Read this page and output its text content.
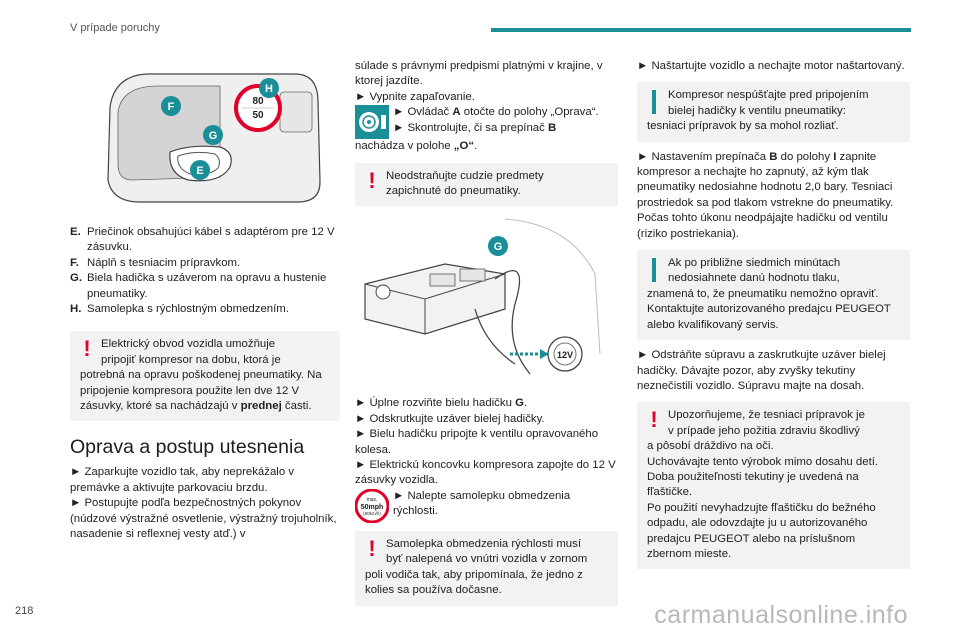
V prípade poruchy
80
50
H
F
G
E
E. Priečinok obsahujúci kábel s adaptérom pre 12 V zásuvku.
F. Náplň s tesniacim prípravkom.
G. Biela hadička s uzáverom na opravu a hustenie pneumatiky.
H. Samolepka s rýchlostným obmedzením.
! Elektrický obvod vozidla umožňuje

pripojiť kompresor na dobu, ktorá je

potrebná na opravu poškodenej pneumatiky. Na pripojenie kompresora použite len dve 12 V zásuvky, ktoré sa nachádzajú v prednej časti.

Oprava a postup utesnenia

► Zaparkujte vozidlo tak, aby neprekážalo v premávke a aktivujte parkovaciu brzdu.

► Postupujte podľa bezpečnostných pokynov (núdzové výstražné osvetlenie, výstražný trojuholník, nasadenie si reflexnej vesty atď.) v

súlade s právnymi predpismi platnými v krajine, v ktorej jazdíte.

► Vypnite zapaľovanie.

► Ovládač A otočte do polohy „Oprava“.

► Skontrolujte, či sa prepínač B

nachádza v polohe „O“.

! Neodstraňujte cudzie predmety

zapichnuté do pneumatiky.

G
12V

► Úplne rozviňte bielu hadičku G.

► Odskrutkujte uzáver bielej hadičky.

► Bielu hadičku pripojte k ventilu opravovaného kolesa.

► Elektrickú koncovku kompresora zapojte do 12 V zásuvky vozidla.

max.
50mph
(80km/h)

► Nalepte samolepku obmedzenia rýchlosti.

! Samolepka obmedzenia rýchlosti musí

byť nalepená vo vnútri vozidla v zornom

poli vodiča tak, aby pripomínala, že jedno z kolies sa používa dočasne.

► Naštartujte vozidlo a nechajte motor naštartovaný.

Kompresor nespúšťajte pred pripojením

bielej hadičky k ventilu pneumatiky:

tesniaci prípravok by sa mohol rozliať.

► Nastavením prepínača B do polohy I zapnite kompresor a nechajte ho zapnutý, až kým tlak pneumatiky nedosiahne hodnotu 2,0 bary. Tesniaci prostriedok sa pod tlakom vstrekne do pneumatiky. Počas tohto úkonu neodpájajte hadičku od ventilu (riziko postriekania).

Ak po približne siedmich minútach

nedosiahnete danú hodnotu tlaku,

znamená to, že pneumatiku nemožno opraviť. Kontaktujte autorizovaného predajcu PEUGEOT alebo kvalifikovaný servis.

► Odstráňte súpravu a zaskrutkujte uzáver bielej hadičky. Dávajte pozor, aby zvyšky tekutiny neznečistili vozidlo. Súpravu majte na dosah.

! Upozorňujeme, že tesniaci prípravok je

v prípade jeho požitia zdraviu škodlivý

a pôsobí dráždivo na oči.

Uchovávajte tento výrobok mimo dosahu detí.

Doba použiteľnosti tekutiny je uvedená na fľaštičke.

Po použití nevyhadzujte fľaštičku do bežného odpadu, ale odovzdajte ju u autorizovaného predajcu PEUGEOT alebo na príslušnom zbernom mieste.

218	carmanualsonline.info
